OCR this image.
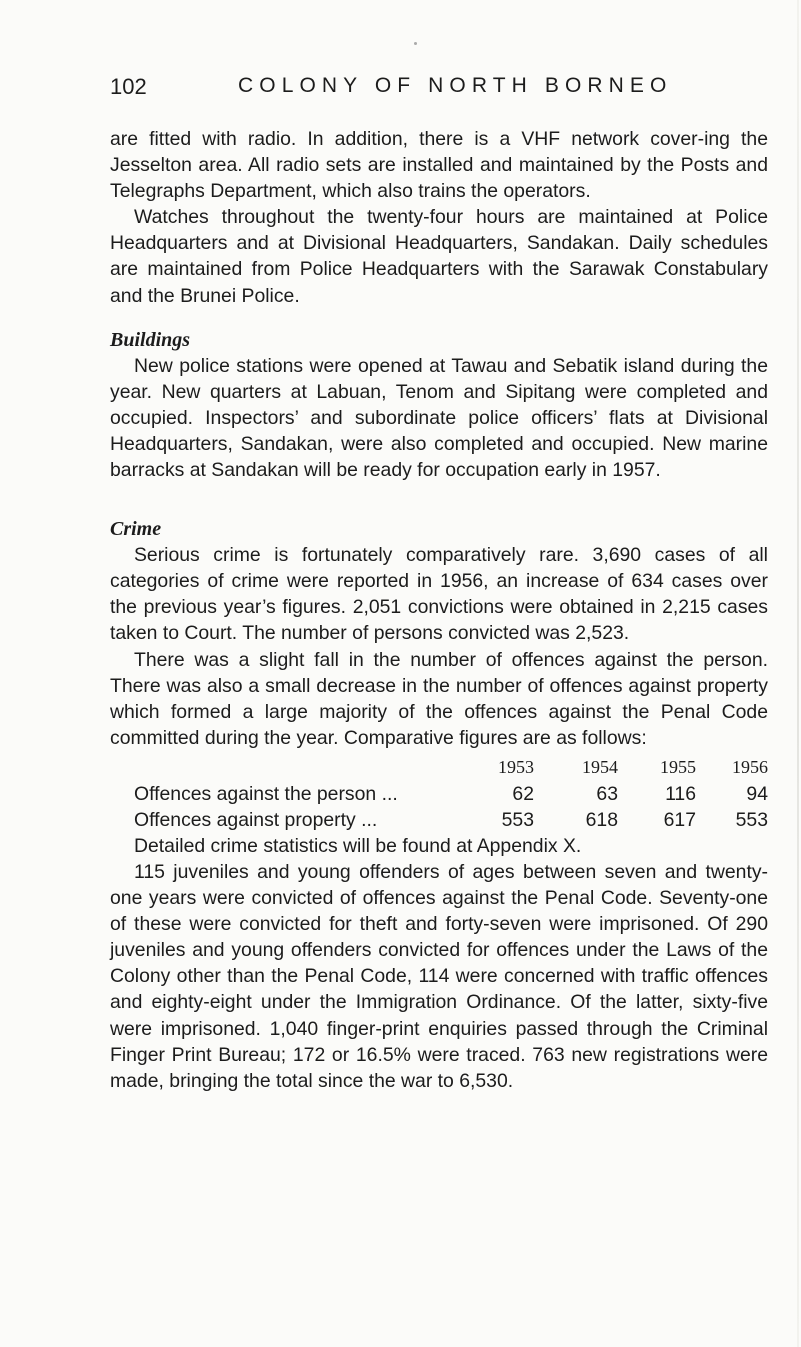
102	COLONY OF NORTH BORNEO

are fitted with radio. In addition, there is a VHF network cover-ing the Jesselton area. All radio sets are installed and maintained by the Posts and Telegraphs Department, which also trains the operators.

Watches throughout the twenty-four hours are maintained at Police Headquarters and at Divisional Headquarters, Sandakan. Daily schedules are maintained from Police Headquarters with the Sarawak Constabulary and the Brunei Police.

Buildings

New police stations were opened at Tawau and Sebatik island during the year. New quarters at Labuan, Tenom and Sipitang were completed and occupied. Inspectors’ and subordinate police officers’ flats at Divisional Headquarters, Sandakan, were also completed and occupied. New marine barracks at Sandakan will be ready for occupation early in 1957.

Crime

Serious crime is fortunately comparatively rare. 3,690 cases of all categories of crime were reported in 1956, an increase of 634 cases over the previous year’s figures. 2,051 convictions were obtained in 2,215 cases taken to Court. The number of persons convicted was 2,523.

There was a slight fall in the number of offences against the person. There was also a small decrease in the number of offences against property which formed a large majority of the offences against the Penal Code committed during the year. Comparative figures are as follows:

	1953	1954	1955	1956
Offences against the person ...	62	63	116	94
Offences against property ...	553	618	617	553

Detailed crime statistics will be found at Appendix X.

115 juveniles and young offenders of ages between seven and twenty-one years were convicted of offences against the Penal Code. Seventy-one of these were convicted for theft and forty-seven were imprisoned. Of 290 juveniles and young offenders convicted for offences under the Laws of the Colony other than the Penal Code, 114 were concerned with traffic offences and eighty-eight under the Immigration Ordinance. Of the latter, sixty-five were imprisoned. 1,040 finger-print enquiries passed through the Criminal Finger Print Bureau; 172 or 16.5% were traced. 763 new registrations were made, bringing the total since the war to 6,530.
